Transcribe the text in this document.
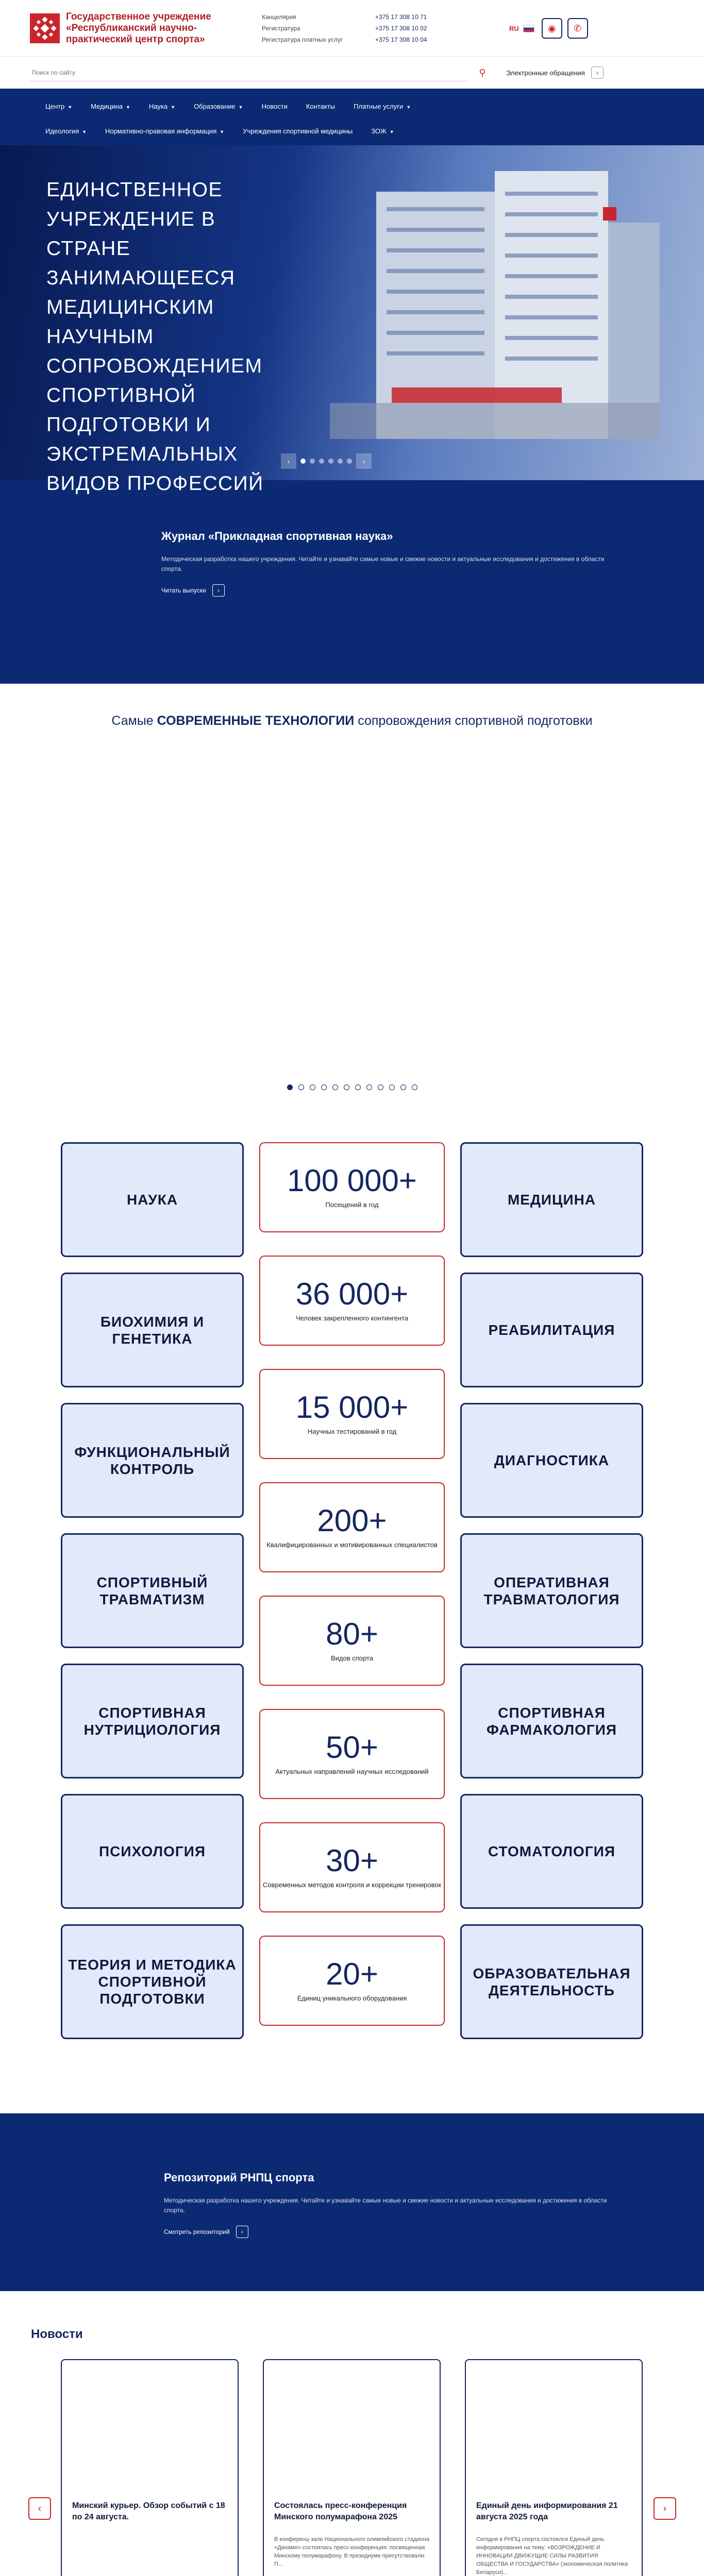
Государственное учреждение «Республиканский научно-практический центр спорта»
Канцелярия	+375 17 308 10 71
Регистратура	+375 17 308 10 02
Регистратура платных услуг	+375 17 308 10 04
RU	◉ ✆
Поиск по сайту
⚲	Электронные обращения	›
Центр ▼	Медицина ▼	Наука ▼	Образование ▼	Новости	Контакты	Платные услуги ▼
Идеология ▼	Нормативно-правовая информация ▼	Учреждения спортивной медицины	ЗОЖ ▼
ЕДИНСТВЕННОЕ УЧРЕЖДЕНИЕ В СТРАНЕ ЗАНИМАЮЩЕЕСЯ МЕДИЦИНСКИМ НАУЧНЫМ СОПРОВОЖДЕНИЕМ СПОРТИВНОЙ ПОДГОТОВКИ И ЭКСТРЕМАЛЬНЫХ ВИДОВ ПРОФЕССИЙ
‹	›
Журнал «Прикладная спортивная наука»
Методическая разработка нашего учреждения. Читайте и узнавайте самые новые и свежие новости и актуальные исследования и достижения в области спорта.
Читать выпуски	›
Самые СОВРЕМЕННЫЕ ТЕХНОЛОГИИ сопровождения спортивной подготовки
НАУКА
БИОХИМИЯ И ГЕНЕТИКА
ФУНКЦИОНАЛЬНЫЙ КОНТРОЛЬ
СПОРТИВНЫЙ ТРАВМАТИЗМ
СПОРТИВНАЯ НУТРИЦИОЛОГИЯ
ПСИХОЛОГИЯ
ТЕОРИЯ И МЕТОДИКА СПОРТИВНОЙ ПОДГОТОВКИ
МЕДИЦИНА
РЕАБИЛИТАЦИЯ
ДИАГНОСТИКА
ОПЕРАТИВНАЯ ТРАВМАТОЛОГИЯ
СПОРТИВНАЯ ФАРМАКОЛОГИЯ
СТОМАТОЛОГИЯ
ОБРАЗОВАТЕЛЬНАЯ ДЕЯТЕЛЬНОСТЬ
100 000+
Посещений в год
36 000+
Человек закрепленного контингента
15 000+
Научных тестирований в год
200+
Квалифицированных и мотивированных специалистов
80+
Видов спорта
50+
Актуальных направлений научных исследований
30+
Современных методов контроля и коррекции тренировок
20+
Единиц уникального оборудования
Репозиторий РНПЦ спорта
Методическая разработка нашего учреждения. Читайте и узнавайте самые новые и свежие новости и актуальные исследования и достижения в области спорта.
Смотреть репозиторий	›
Новости
‹	›
Минский курьер. Обзор событий с 18 по 24 августа.
Состоялась пресс-конференция Минского полумарафона 2025
В конференц-зале Национального олимпийского стадиона «Динамо» состоялась пресс-конференция, посвященная Минскому полумарафону. В президиуме присутствовали: П...
Единый день информирования 21 августа 2025 года
Сегодня в РНПЦ спорта состоялся Единый день информирования на тему: «ВОЗРОЖДЕНИЕ И ИННОВАЦИИ ДВИЖУЩИЕ СИЛЫ РАЗВИТИЯ ОБЩЕСТВА И ГОСУДАРСТВА» (экономическая политика Беларуси)...
